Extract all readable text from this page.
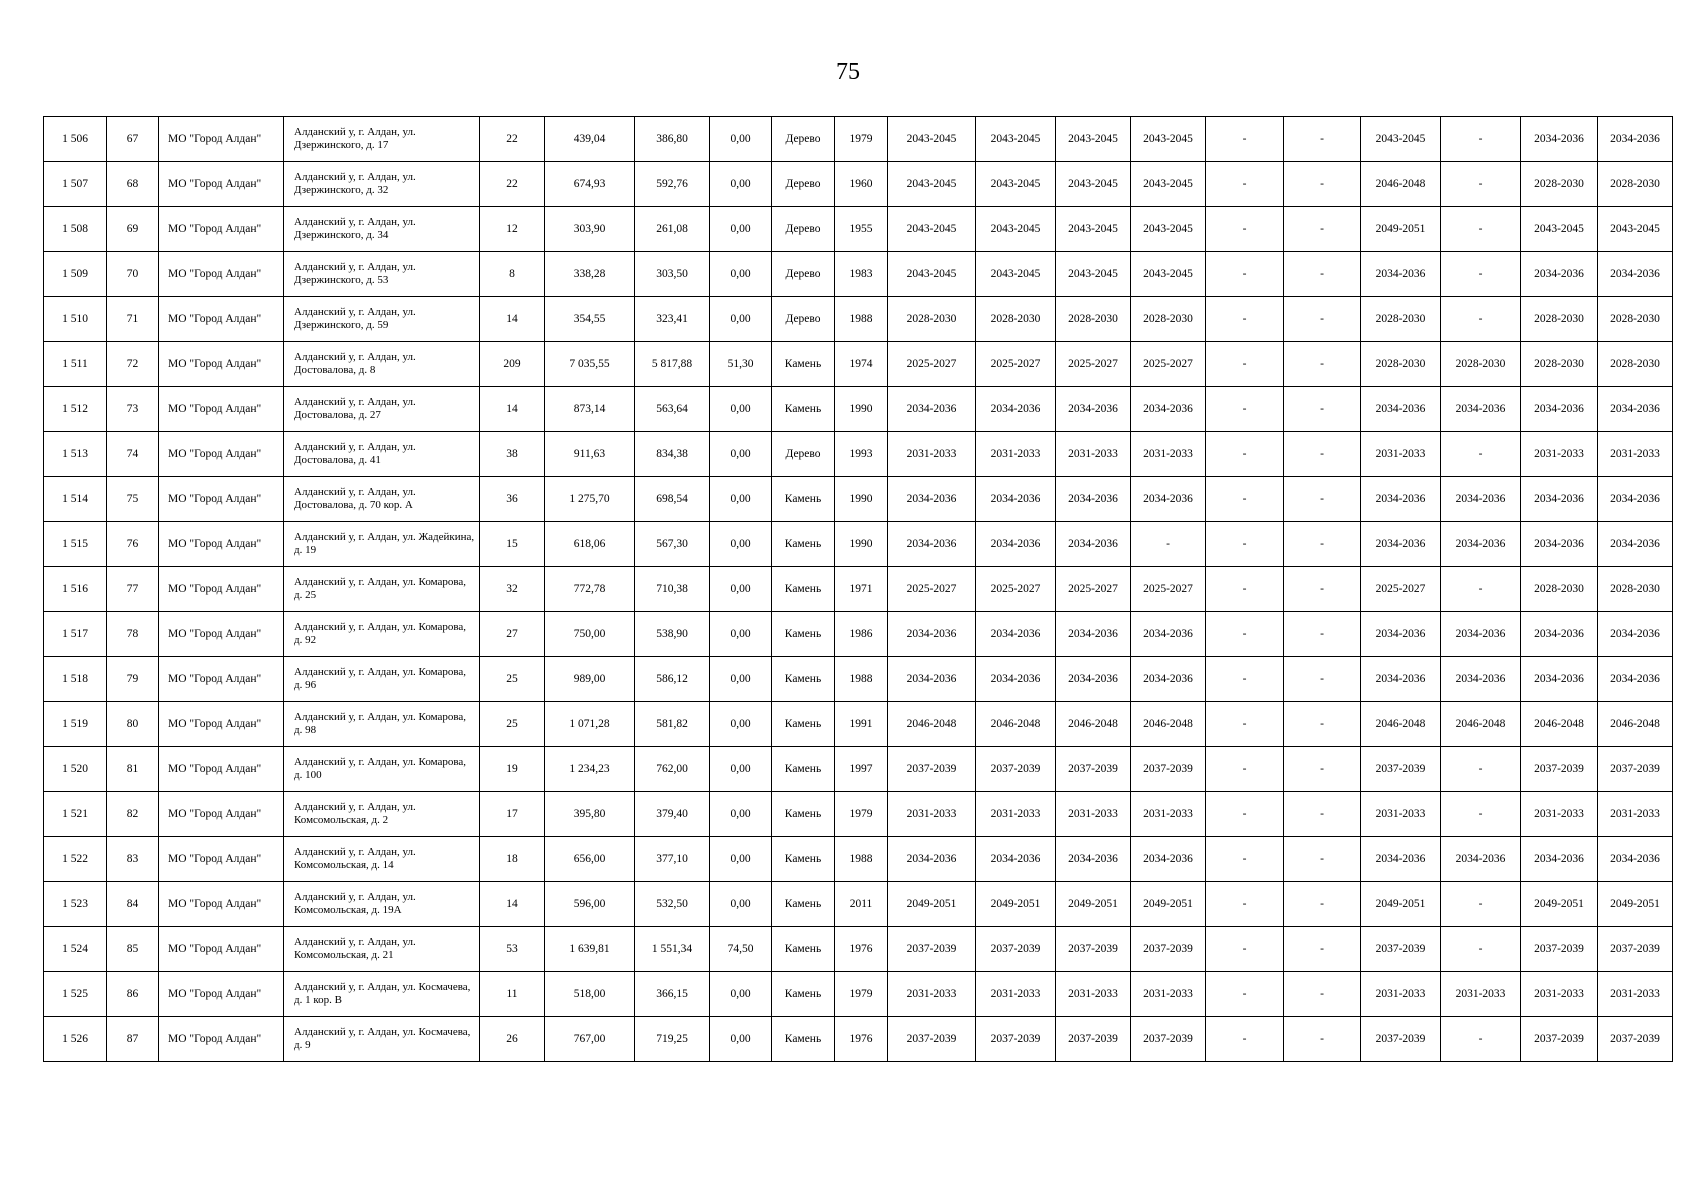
75
1 506	67	МО "Город Алдан"	Алданский у, г. Алдан, ул. Дзержинского, д. 17	22	439,04	386,80	0,00	Дерево	1979	2043-2045	2043-2045	2043-2045	2043-2045	-	-	2043-2045	-	2034-2036	2034-2036
1 507	68	МО "Город Алдан"	Алданский у, г. Алдан, ул. Дзержинского, д. 32	22	674,93	592,76	0,00	Дерево	1960	2043-2045	2043-2045	2043-2045	2043-2045	-	-	2046-2048	-	2028-2030	2028-2030
1 508	69	МО "Город Алдан"	Алданский у, г. Алдан, ул. Дзержинского, д. 34	12	303,90	261,08	0,00	Дерево	1955	2043-2045	2043-2045	2043-2045	2043-2045	-	-	2049-2051	-	2043-2045	2043-2045
1 509	70	МО "Город Алдан"	Алданский у, г. Алдан, ул. Дзержинского, д. 53	8	338,28	303,50	0,00	Дерево	1983	2043-2045	2043-2045	2043-2045	2043-2045	-	-	2034-2036	-	2034-2036	2034-2036
1 510	71	МО "Город Алдан"	Алданский у, г. Алдан, ул. Дзержинского, д. 59	14	354,55	323,41	0,00	Дерево	1988	2028-2030	2028-2030	2028-2030	2028-2030	-	-	2028-2030	-	2028-2030	2028-2030
1 511	72	МО "Город Алдан"	Алданский у, г. Алдан, ул. Достовалова, д. 8	209	7 035,55	5 817,88	51,30	Камень	1974	2025-2027	2025-2027	2025-2027	2025-2027	-	-	2028-2030	2028-2030	2028-2030	2028-2030
1 512	73	МО "Город Алдан"	Алданский у, г. Алдан, ул. Достовалова, д. 27	14	873,14	563,64	0,00	Камень	1990	2034-2036	2034-2036	2034-2036	2034-2036	-	-	2034-2036	2034-2036	2034-2036	2034-2036
1 513	74	МО "Город Алдан"	Алданский у, г. Алдан, ул. Достовалова, д. 41	38	911,63	834,38	0,00	Дерево	1993	2031-2033	2031-2033	2031-2033	2031-2033	-	-	2031-2033	-	2031-2033	2031-2033
1 514	75	МО "Город Алдан"	Алданский у, г. Алдан, ул. Достовалова, д. 70 кор. А	36	1 275,70	698,54	0,00	Камень	1990	2034-2036	2034-2036	2034-2036	2034-2036	-	-	2034-2036	2034-2036	2034-2036	2034-2036
1 515	76	МО "Город Алдан"	Алданский у, г. Алдан, ул. Жадейкина, д. 19	15	618,06	567,30	0,00	Камень	1990	2034-2036	2034-2036	2034-2036	-	-	-	2034-2036	2034-2036	2034-2036	2034-2036
1 516	77	МО "Город Алдан"	Алданский у, г. Алдан, ул. Комарова, д. 25	32	772,78	710,38	0,00	Камень	1971	2025-2027	2025-2027	2025-2027	2025-2027	-	-	2025-2027	-	2028-2030	2028-2030
1 517	78	МО "Город Алдан"	Алданский у, г. Алдан, ул. Комарова, д. 92	27	750,00	538,90	0,00	Камень	1986	2034-2036	2034-2036	2034-2036	2034-2036	-	-	2034-2036	2034-2036	2034-2036	2034-2036
1 518	79	МО "Город Алдан"	Алданский у, г. Алдан, ул. Комарова, д. 96	25	989,00	586,12	0,00	Камень	1988	2034-2036	2034-2036	2034-2036	2034-2036	-	-	2034-2036	2034-2036	2034-2036	2034-2036
1 519	80	МО "Город Алдан"	Алданский у, г. Алдан, ул. Комарова, д. 98	25	1 071,28	581,82	0,00	Камень	1991	2046-2048	2046-2048	2046-2048	2046-2048	-	-	2046-2048	2046-2048	2046-2048	2046-2048
1 520	81	МО "Город Алдан"	Алданский у, г. Алдан, ул. Комарова, д. 100	19	1 234,23	762,00	0,00	Камень	1997	2037-2039	2037-2039	2037-2039	2037-2039	-	-	2037-2039	-	2037-2039	2037-2039
1 521	82	МО "Город Алдан"	Алданский у, г. Алдан, ул. Комсомольская, д. 2	17	395,80	379,40	0,00	Камень	1979	2031-2033	2031-2033	2031-2033	2031-2033	-	-	2031-2033	-	2031-2033	2031-2033
1 522	83	МО "Город Алдан"	Алданский у, г. Алдан, ул. Комсомольская, д. 14	18	656,00	377,10	0,00	Камень	1988	2034-2036	2034-2036	2034-2036	2034-2036	-	-	2034-2036	2034-2036	2034-2036	2034-2036
1 523	84	МО "Город Алдан"	Алданский у, г. Алдан, ул. Комсомольская, д. 19А	14	596,00	532,50	0,00	Камень	2011	2049-2051	2049-2051	2049-2051	2049-2051	-	-	2049-2051	-	2049-2051	2049-2051
1 524	85	МО "Город Алдан"	Алданский у, г. Алдан, ул. Комсомольская, д. 21	53	1 639,81	1 551,34	74,50	Камень	1976	2037-2039	2037-2039	2037-2039	2037-2039	-	-	2037-2039	-	2037-2039	2037-2039
1 525	86	МО "Город Алдан"	Алданский у, г. Алдан, ул. Космачева, д. 1 кор. В	11	518,00	366,15	0,00	Камень	1979	2031-2033	2031-2033	2031-2033	2031-2033	-	-	2031-2033	2031-2033	2031-2033	2031-2033
1 526	87	МО "Город Алдан"	Алданский у, г. Алдан, ул. Космачева, д. 9	26	767,00	719,25	0,00	Камень	1976	2037-2039	2037-2039	2037-2039	2037-2039	-	-	2037-2039	-	2037-2039	2037-2039
